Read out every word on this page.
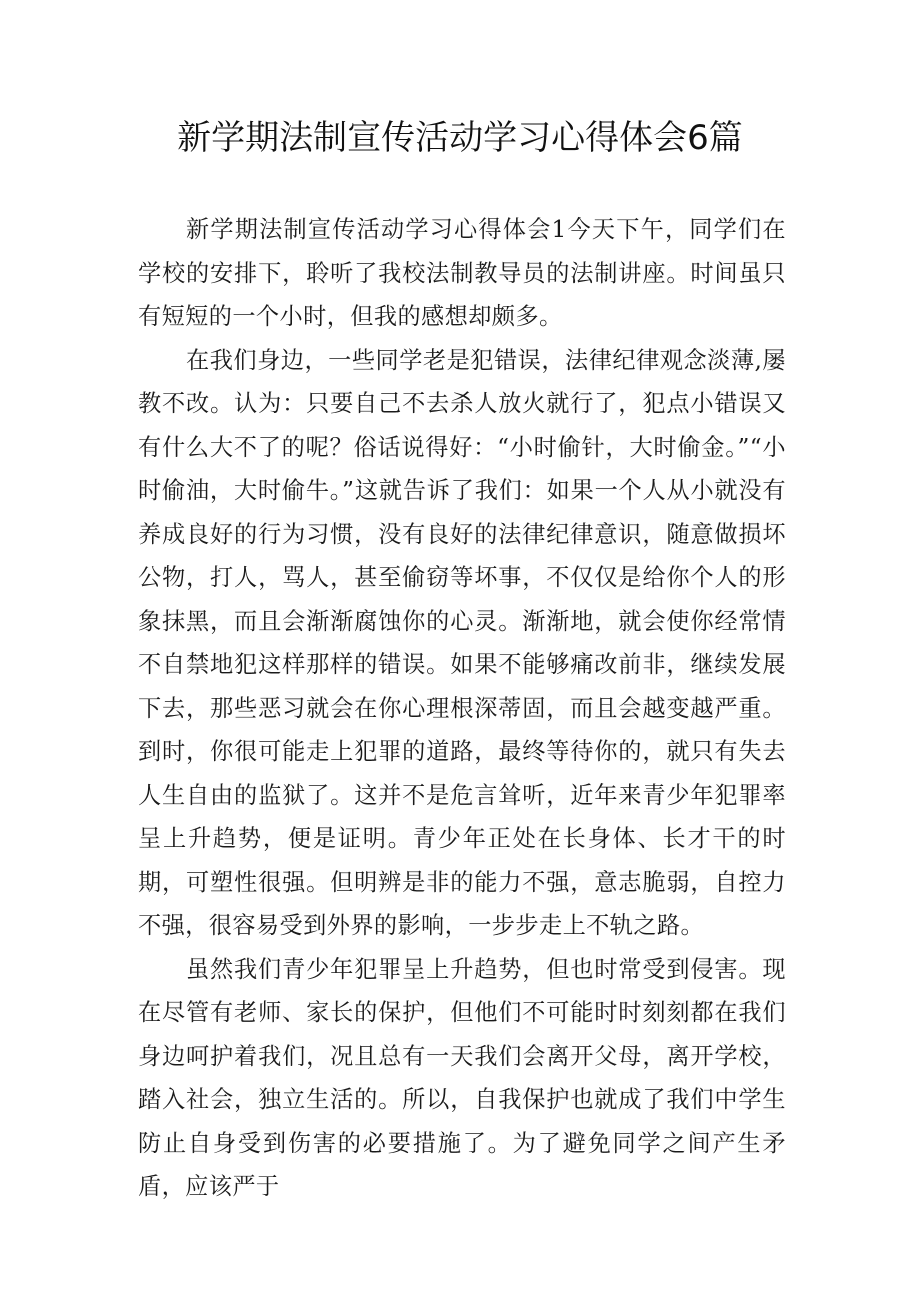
新学期法制宣传活动学习心得体会6篇

新学期法制宣传活动学习心得体会1今天下午，同学们在学校的安排下，聆听了我校法制教导员的法制讲座。时间虽只有短短的一个小时，但我的感想却颇多。

在我们身边，一些同学老是犯错误，法律纪律观念淡薄,屡教不改。认为：只要自己不去杀人放火就行了，犯点小错误又有什么大不了的呢？俗话说得好：“小时偷针，大时偷金。”“小时偷油，大时偷牛。”这就告诉了我们：如果一个人从小就没有养成良好的行为习惯，没有良好的法律纪律意识，随意做损坏公物，打人，骂人，甚至偷窃等坏事，不仅仅是给你个人的形象抹黑，而且会渐渐腐蚀你的心灵。渐渐地，就会使你经常情不自禁地犯这样那样的错误。如果不能够痛改前非，继续发展下去，那些恶习就会在你心理根深蒂固，而且会越变越严重。到时，你很可能走上犯罪的道路，最终等待你的，就只有失去人生自由的监狱了。这并不是危言耸听，近年来青少年犯罪率呈上升趋势，便是证明。青少年正处在长身体、长才干的时期，可塑性很强。但明辨是非的能力不强，意志脆弱，自控力不强，很容易受到外界的影响，一步步走上不轨之路。

虽然我们青少年犯罪呈上升趋势，但也时常受到侵害。现在尽管有老师、家长的保护，但他们不可能时时刻刻都在我们身边呵护着我们，况且总有一天我们会离开父母，离开学校，踏入社会，独立生活的。所以，自我保护也就成了我们中学生防止自身受到伤害的必要措施了。为了避免同学之间产生矛盾，应该严于
